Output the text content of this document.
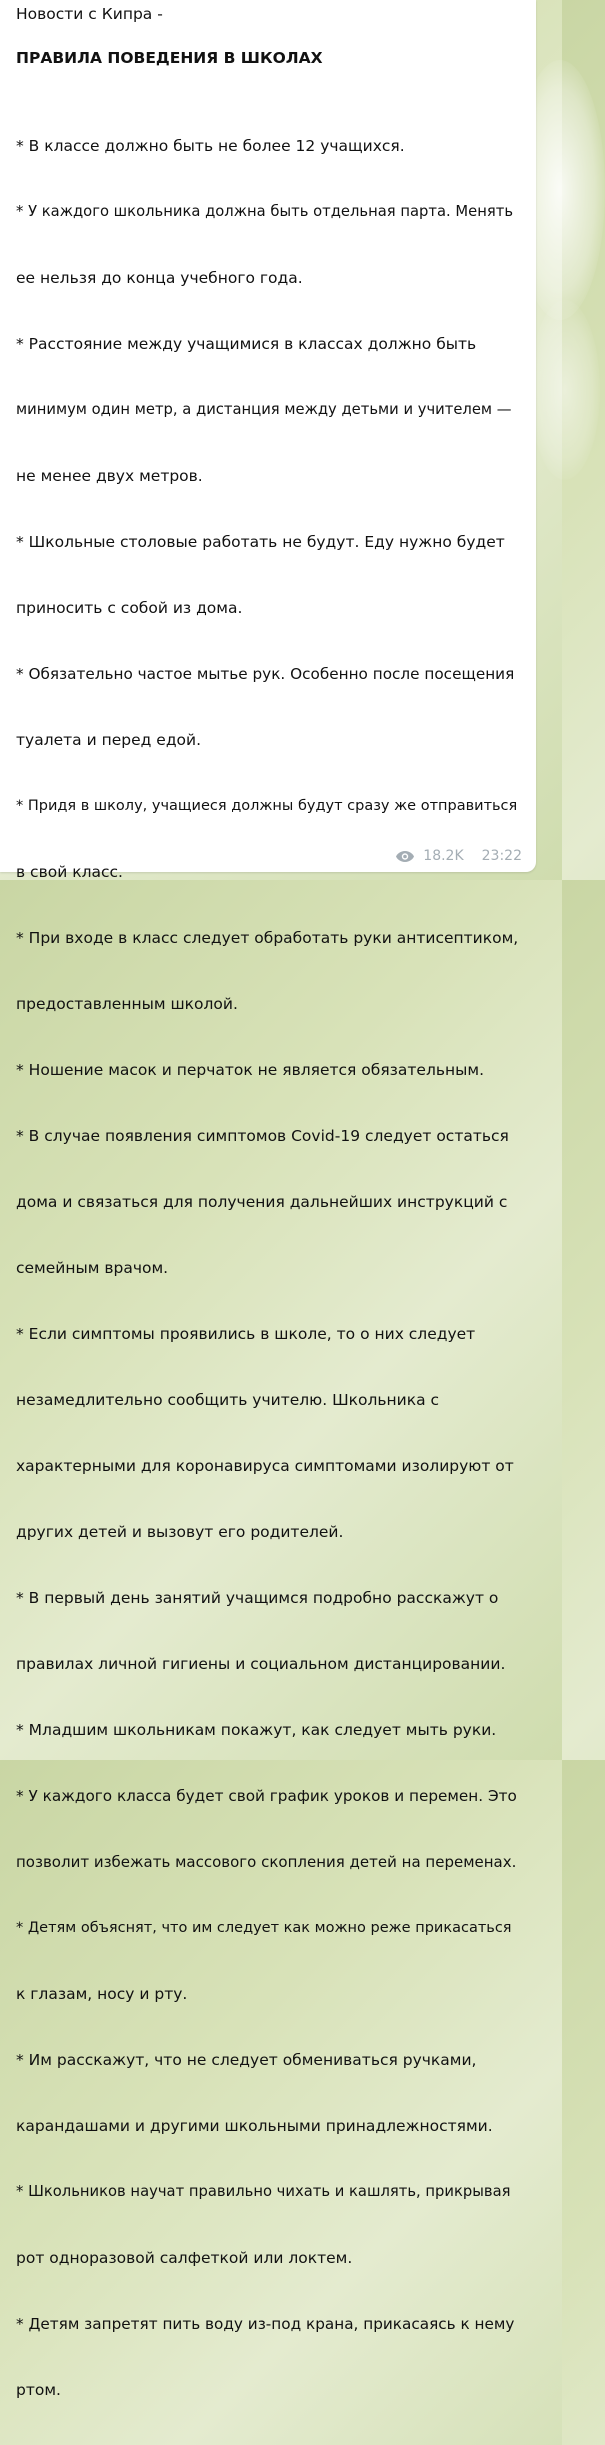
Новости с Кипра -
ПРАВИЛА ПОВЕДЕНИЯ В ШКОЛАХ

* В классе должно быть не более 12 учащихся.

* У каждого школьника должна быть отдельная парта. Менять

ее нельзя до конца учебного года.

* Расстояние между учащимися в классах должно быть

минимум один метр, а дистанция между детьми и учителем —

не менее двух метров.

* Школьные столовые работать не будут. Еду нужно будет

приносить с собой из дома.

* Обязательно частое мытье рук. Особенно после посещения

туалета и перед едой.

* Придя в школу, учащиеся должны будут сразу же отправиться

в свой класс.

* При входе в класс следует обработать руки антисептиком,

предоставленным школой.

* Ношение масок и перчаток не является обязательным.

* В случае появления симптомов Covid-19 следует остаться

дома и связаться для получения дальнейших инструкций с

семейным врачом.

* Если симптомы проявились в школе, то о них следует

незамедлительно сообщить учителю. Школьника с

характерными для коронавируса симптомами изолируют от

других детей и вызовут его родителей.

* В первый день занятий учащимся подробно расскажут о

правилах личной гигиены и социальном дистанцировании.

* Младшим школьникам покажут, как следует мыть руки.

* У каждого класса будет свой график уроков и перемен. Это

позволит избежать массового скопления детей на переменах.

* Детям объяснят, что им следует как можно реже прикасаться

к глазам, носу и рту.

* Им расскажут, что не следует обмениваться ручками,

карандашами и другими школьными принадлежностями.

* Школьников научат правильно чихать и кашлять, прикрывая

рот одноразовой салфеткой или локтем.

* Детям запретят пить воду из-под крана, прикасаясь к нему

ртом.

18.2K 23:22
